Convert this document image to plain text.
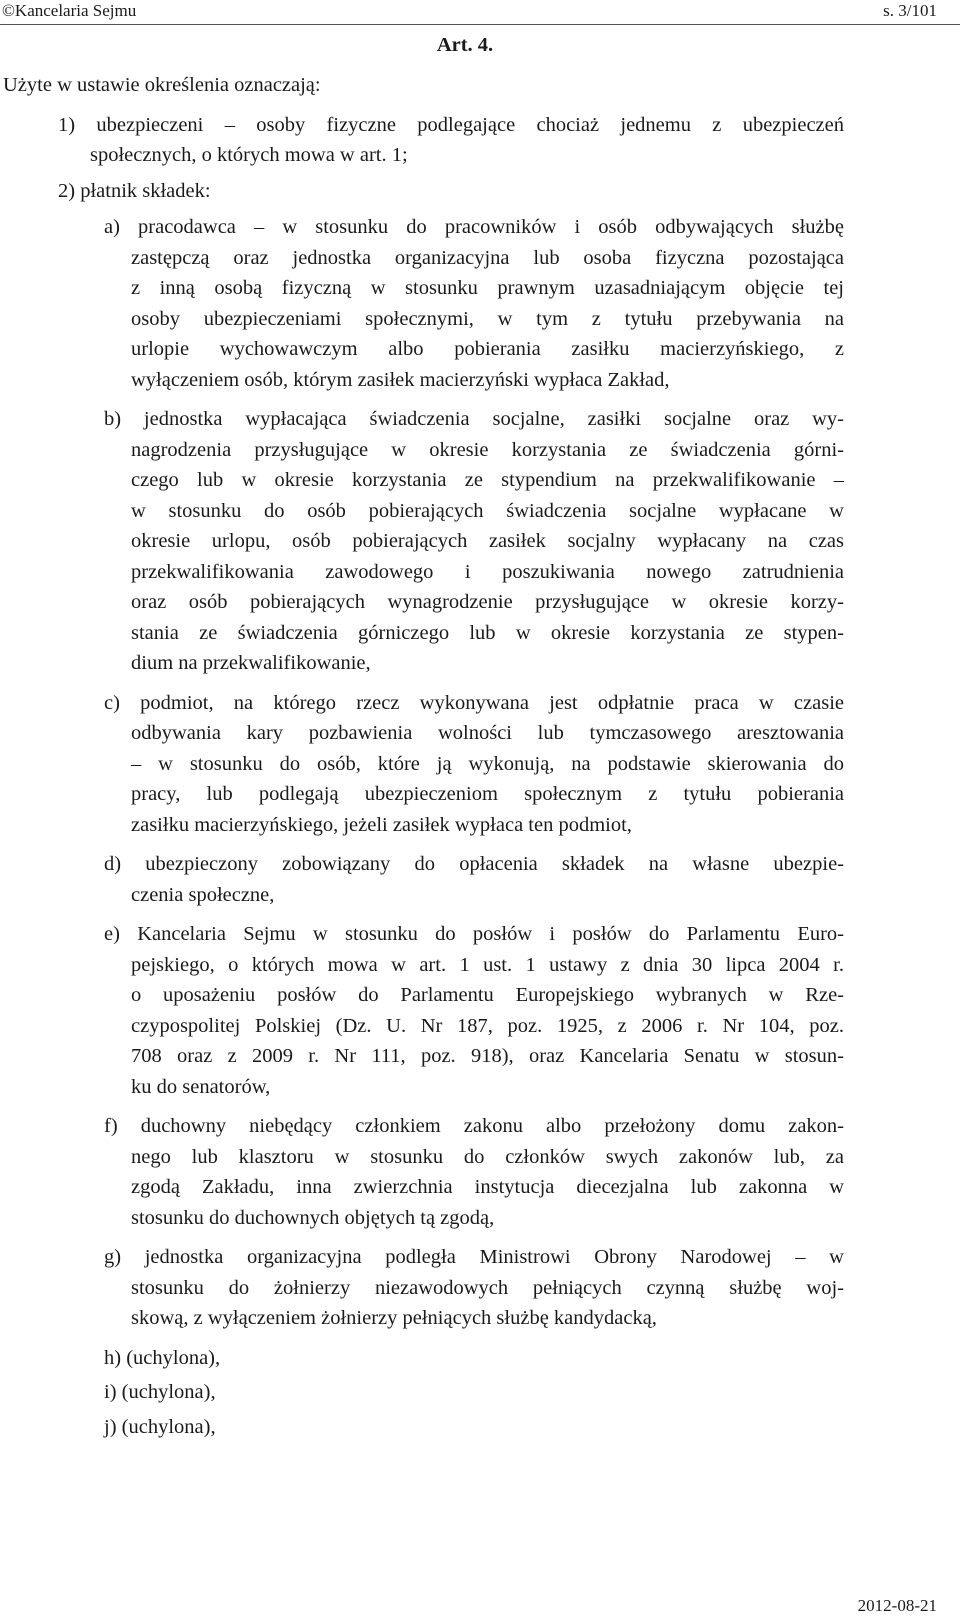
©Kancelaria Sejmu	s. 3/101
Art. 4.
Użyte w ustawie określenia oznaczają:
1) ubezpieczeni – osoby fizyczne podlegające chociaż jednemu z ubezpieczeń
społecznych, o których mowa w art. 1;
2) płatnik składek:
a) pracodawca – w stosunku do pracowników i osób odbywających służbę
zastępczą oraz jednostka organizacyjna lub osoba fizyczna pozostająca
z inną osobą fizyczną w stosunku prawnym uzasadniającym objęcie tej
osoby ubezpieczeniami społecznymi, w tym z tytułu przebywania na
urlopie wychowawczym albo pobierania zasiłku macierzyńskiego, z
wyłączeniem osób, którym zasiłek macierzyński wypłaca Zakład,
b) jednostka wypłacająca świadczenia socjalne, zasiłki socjalne oraz wy-
nagrodzenia przysługujące w okresie korzystania ze świadczenia górni-
czego lub w okresie korzystania ze stypendium na przekwalifikowanie –
w stosunku do osób pobierających świadczenia socjalne wypłacane w
okresie urlopu, osób pobierających zasiłek socjalny wypłacany na czas
przekwalifikowania zawodowego i poszukiwania nowego zatrudnienia
oraz osób pobierających wynagrodzenie przysługujące w okresie korzy-
stania ze świadczenia górniczego lub w okresie korzystania ze stypen-
dium na przekwalifikowanie,
c) podmiot, na którego rzecz wykonywana jest odpłatnie praca w czasie
odbywania kary pozbawienia wolności lub tymczasowego aresztowania
– w stosunku do osób, które ją wykonują, na podstawie skierowania do
pracy, lub podlegają ubezpieczeniom społecznym z tytułu pobierania
zasiłku macierzyńskiego, jeżeli zasiłek wypłaca ten podmiot,
d) ubezpieczony zobowiązany do opłacenia składek na własne ubezpie-
czenia społeczne,
e) Kancelaria Sejmu w stosunku do posłów i posłów do Parlamentu Euro-
pejskiego, o których mowa w art. 1 ust. 1 ustawy z dnia 30 lipca 2004 r.
o uposażeniu posłów do Parlamentu Europejskiego wybranych w Rze-
czypospolitej Polskiej (Dz. U. Nr 187, poz. 1925, z 2006 r. Nr 104, poz.
708 oraz z 2009 r. Nr 111, poz. 918), oraz Kancelaria Senatu w stosun-
ku do senatorów,
f) duchowny niebędący członkiem zakonu albo przełożony domu zakon-
nego lub klasztoru w stosunku do członków swych zakonów lub, za
zgodą Zakładu, inna zwierzchnia instytucja diecezjalna lub zakonna w
stosunku do duchownych objętych tą zgodą,
g) jednostka organizacyjna podległa Ministrowi Obrony Narodowej – w
stosunku do żołnierzy niezawodowych pełniących czynną służbę woj-
skową, z wyłączeniem żołnierzy pełniących służbę kandydacką,
h) (uchylona),
i) (uchylona),
j) (uchylona),
2012-08-21
